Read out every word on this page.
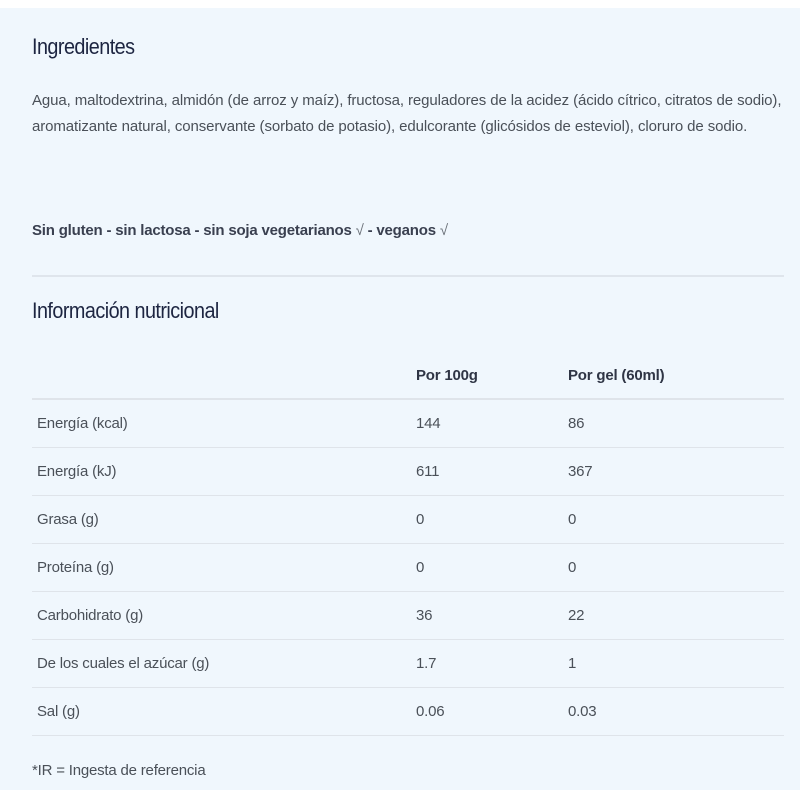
Ingredientes

Agua, maltodextrina, almidón (de arroz y maíz), fructosa, reguladores de la acidez (ácido cítrico, citratos de sodio), aromatizante natural, conservante (sorbato de potasio), edulcorante (glicósidos de esteviol), cloruro de sodio.

Sin gluten - sin lactosa - sin soja vegetarianos √ - veganos √

Información nutricional
	Por 100g	Por gel (60ml)
Energía (kcal)	144	86
Energía (kJ)	611	367
Grasa (g)	0	0
Proteína (g)	0	0
Carbohidrato (g)	36	22
De los cuales el azúcar (g)	1.7	1
Sal (g)	0.06	0.03

*IR = Ingesta de referencia
